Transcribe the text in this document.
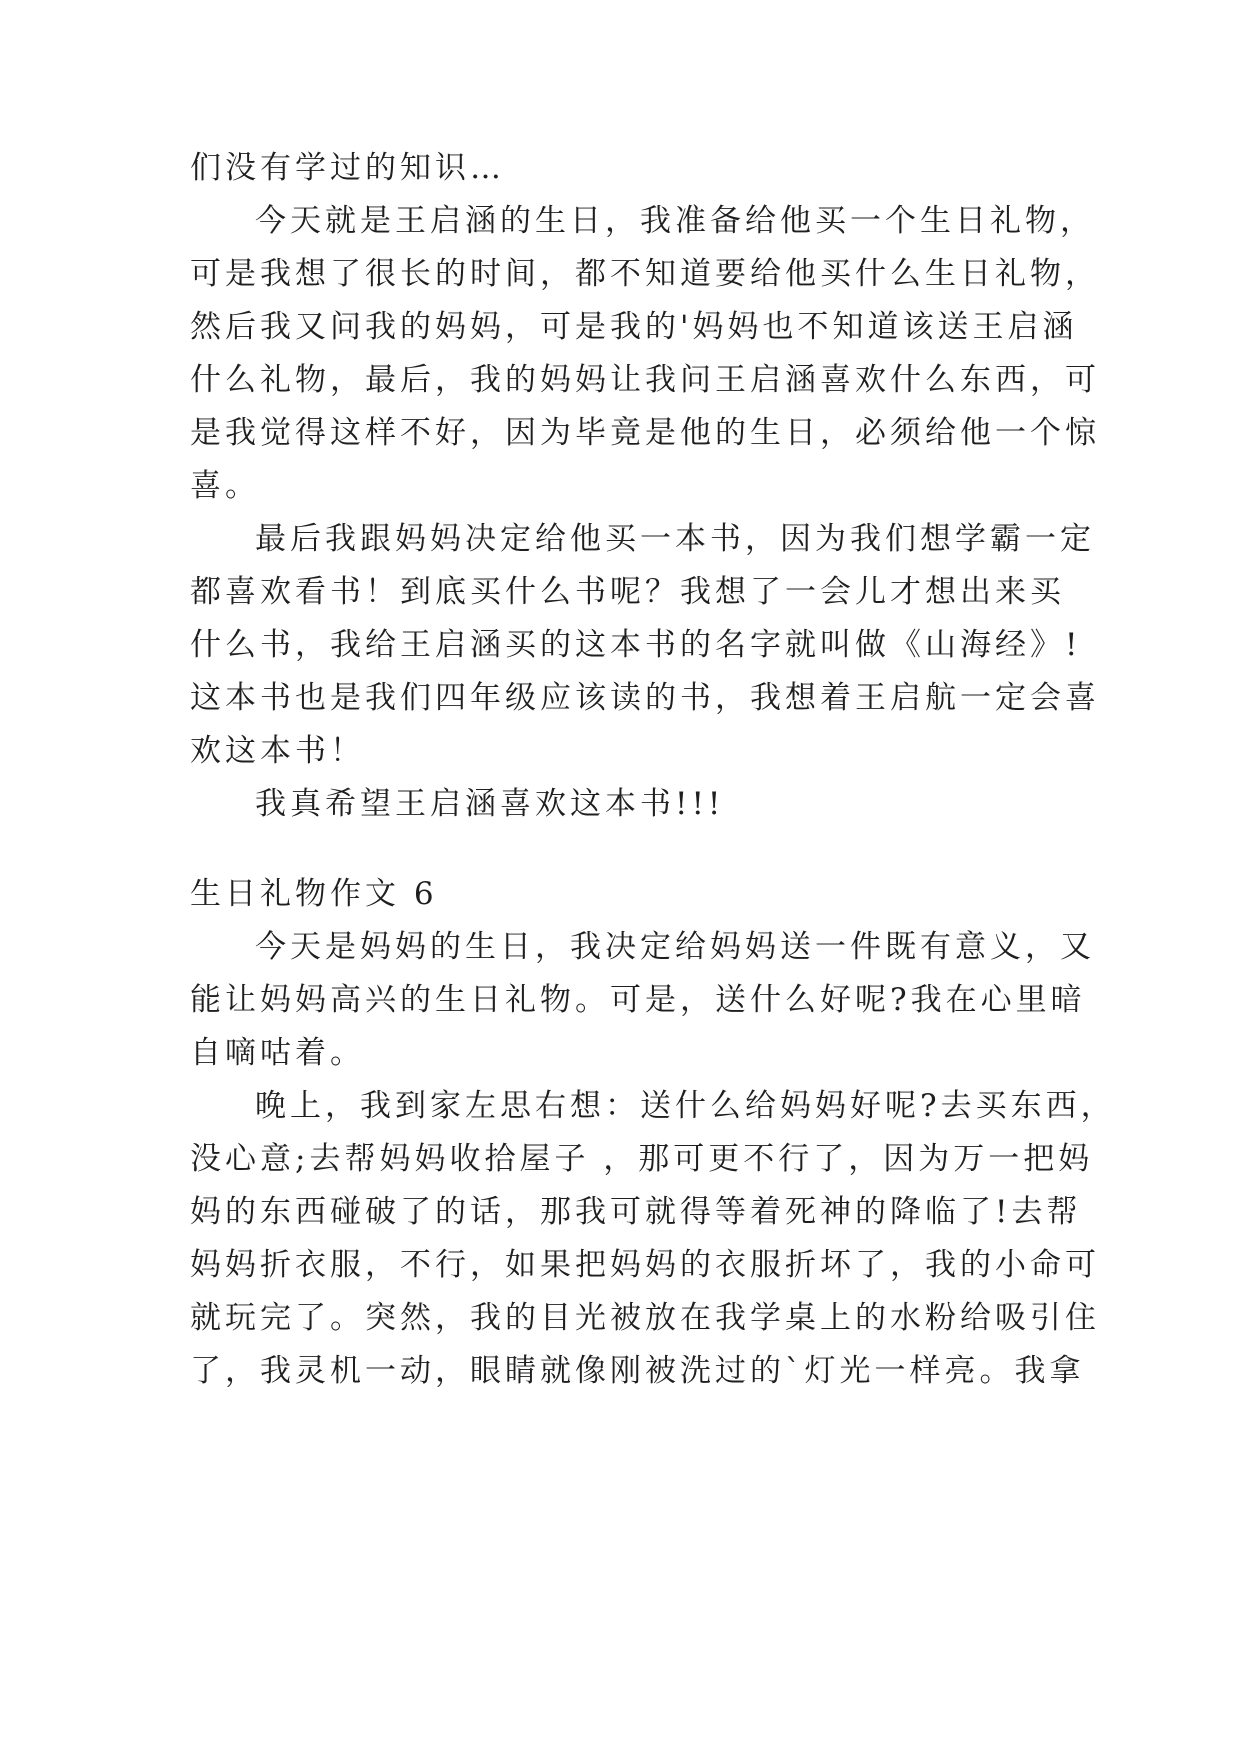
们没有学过的知识…
今天就是王启涵的生日，我准备给他买一个生日礼物，
可是我想了很长的时间，都不知道要给他买什么生日礼物，
然后我又问我的妈妈，可是我的'妈妈也不知道该送王启涵
什么礼物，最后，我的妈妈让我问王启涵喜欢什么东西，可
是我觉得这样不好，因为毕竟是他的生日，必须给他一个惊
喜。
最后我跟妈妈决定给他买一本书，因为我们想学霸一定
都喜欢看书！到底买什么书呢？我想了一会儿才想出来买
什么书，我给王启涵买的这本书的名字就叫做《山海经》!
这本书也是我们四年级应该读的书，我想着王启航一定会喜
欢这本书！
我真希望王启涵喜欢这本书!!!
生日礼物作文 6
今天是妈妈的生日，我决定给妈妈送一件既有意义，又
能让妈妈高兴的生日礼物。可是，送什么好呢?我在心里暗
自嘀咕着。
晚上，我到家左思右想：送什么给妈妈好呢?去买东西，
没心意;去帮妈妈收拾屋子 ，那可更不行了，因为万一把妈
妈的东西碰破了的话，那我可就得等着死神的降临了!去帮
妈妈折衣服，不行，如果把妈妈的衣服折坏了，我的小命可
就玩完了。突然，我的目光被放在我学桌上的水粉给吸引住
了，我灵机一动，眼睛就像刚被洗过的`灯光一样亮。我拿
